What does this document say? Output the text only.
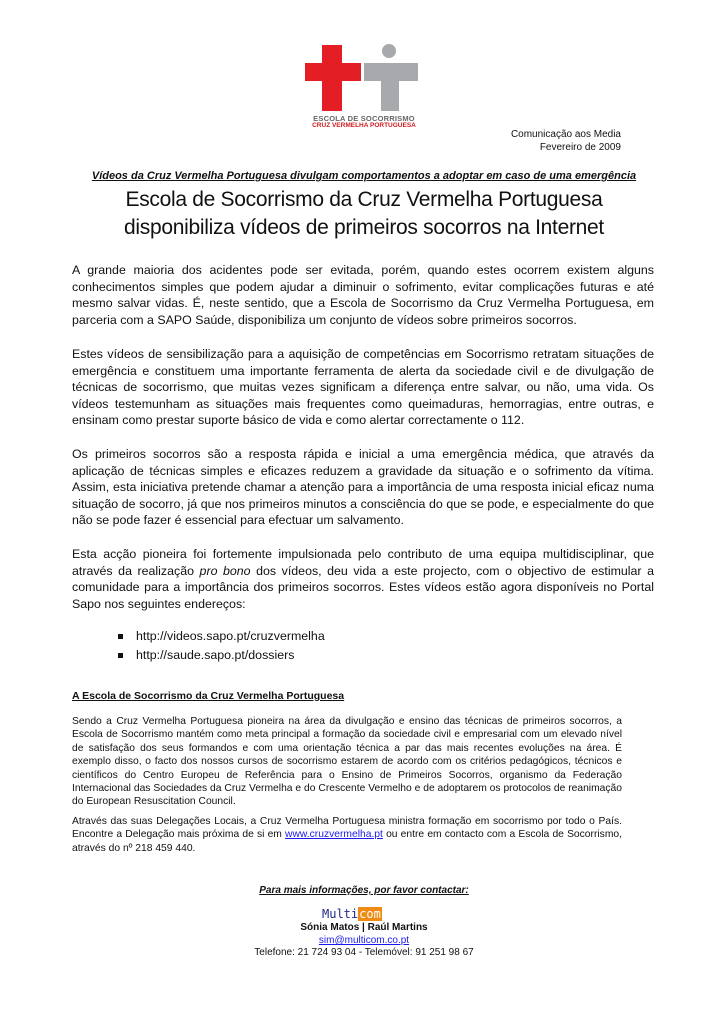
ESCOLA DE SOCORRISMO
CRUZ VERMELHA PORTUGUESA
Comunicação aos Media
Fevereiro de 2009
Vídeos da Cruz Vermelha Portuguesa divulgam comportamentos a adoptar em caso de uma emergência
Escola de Socorrismo da Cruz Vermelha Portuguesa
disponibiliza vídeos de primeiros socorros na Internet

A grande maioria dos acidentes pode ser evitada, porém, quando estes ocorrem existem alguns conhecimentos simples que podem ajudar a diminuir o sofrimento, evitar complicações futuras e até mesmo salvar vidas. É, neste sentido, que a Escola de Socorrismo da Cruz Vermelha Portuguesa, em parceria com a SAPO Saúde, disponibiliza um conjunto de vídeos sobre primeiros socorros.

Estes vídeos de sensibilização para a aquisição de competências em Socorrismo retratam situações de emergência e constituem uma importante ferramenta de alerta da sociedade civil e de divulgação de técnicas de socorrismo, que muitas vezes significam a diferença entre salvar, ou não, uma vida. Os vídeos testemunham as situações mais frequentes como queimaduras, hemorragias, entre outras, e ensinam como prestar suporte básico de vida e como alertar correctamente o 112.

Os primeiros socorros são a resposta rápida e inicial a uma emergência médica, que através da aplicação de técnicas simples e eficazes reduzem a gravidade da situação e o sofrimento da vítima. Assim, esta iniciativa pretende chamar a atenção para a importância de uma resposta inicial eficaz numa situação de socorro, já que nos primeiros minutos a consciência do que se pode, e especialmente do que não se pode fazer é essencial para efectuar um salvamento.

Esta acção pioneira foi fortemente impulsionada pelo contributo de uma equipa multidisciplinar, que através da realização pro bono dos vídeos, deu vida a este projecto, com o objectivo de estimular a comunidade para a importância dos primeiros socorros. Estes vídeos estão agora disponíveis no Portal Sapo nos seguintes endereços:

http://videos.sapo.pt/cruzvermelha
http://saude.sapo.pt/dossiers
A Escola de Socorrismo da Cruz Vermelha Portuguesa

Sendo a Cruz Vermelha Portuguesa pioneira na área da divulgação e ensino das técnicas de primeiros socorros, a Escola de Socorrismo mantém como meta principal a formação da sociedade civil e empresarial com um elevado nível de satisfação dos seus formandos e com uma orientação técnica a par das mais recentes evoluções na área. É exemplo disso, o facto dos nossos cursos de socorrismo estarem de acordo com os critérios pedagógicos, técnicos e científicos do Centro Europeu de Referência para o Ensino de Primeiros Socorros, organismo da Federação Internacional das Sociedades da Cruz Vermelha e do Crescente Vermelho e de adoptarem os protocolos de reanimação do European Resuscitation Council.

Através das suas Delegações Locais, a Cruz Vermelha Portuguesa ministra formação em socorrismo por todo o País. Encontre a Delegação mais próxima de si em www.cruzvermelha.pt ou entre em contacto com a Escola de Socorrismo, através do nº 218 459 440.

Para mais informações, por favor contactar:
Multicom
Sónia Matos | Raúl Martins
sim@multicom.co.pt
Telefone: 21 724 93 04 - Telemóvel: 91 251 98 67
